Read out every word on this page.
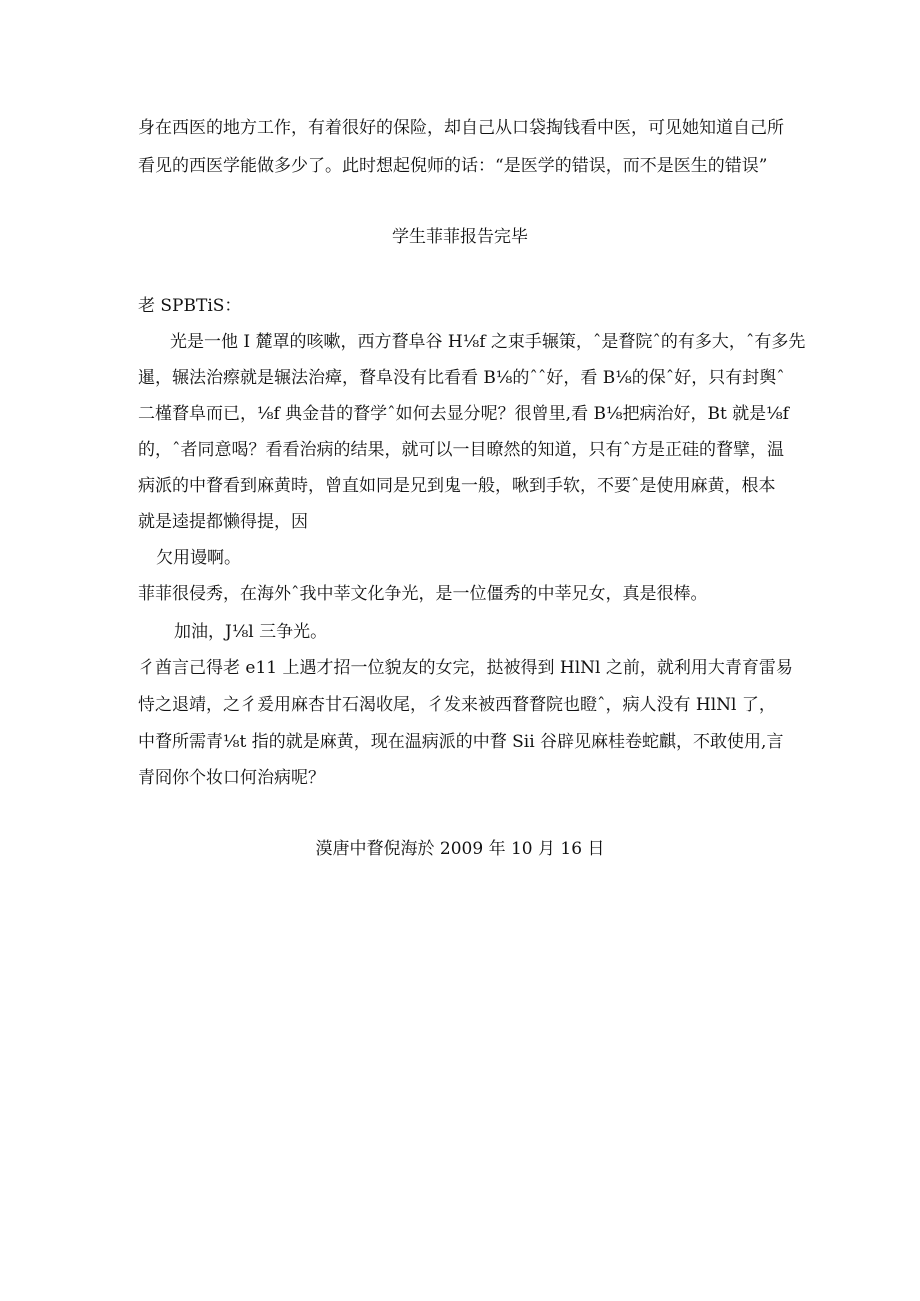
身在西医的地方工作，有着很好的保险，却自己从口袋掏钱看中医，可见她知道自己所

看见的西医学能做多少了。此时想起倪师的话：“是医学的错误，而不是医生的错误”

学生菲菲报告完毕

老 SPBTiS：

光是一他 I 麓罩的咳嗽，西方瞀阜谷 H⅛f 之束手辗策，ˆ是瞀院ˆ的有多大，ˆ有多先

暹，辗法治瘵就是辗法治瘴，瞀阜没有比看看 B⅛的ˆˆ好，看 B⅛的保ˆ好，只有封舆ˆ

二槿瞀阜而已，⅛f 典金昔的瞀学ˆ如何去显分呢？很曾里,看 B⅛把病治好，Bt 就是⅛f

的，ˆ者同意喝？看看治病的结果，就可以一目暸然的知道，只有ˆ方是正硅的瞀擘，温

病派的中瞀看到麻黄時，曾直如同是兄到鬼一般，啾到手软，不要ˆ是使用麻黄，根本

就是逵提都懒得提，因

欠用谩啊。

菲菲很侵秀，在海外ˆ我中莘文化争光，是一位僵秀的中莘兄女，真是很棒。

加油，J⅛l 三争光。

彳酋言己得老 e11 上遇才招一位貌友的女完，挞被得到 HlNl 之前，就利用大青育雷易

恃之退靖，之彳爰用麻杏甘石渴收尾，彳发来被西瞀瞀院也瞪ˆ，病人没有 HlNl 了，

中瞀所需青⅛t 指的就是麻黄，现在温病派的中瞀 Sii 谷辟见麻桂卷蛇麒，不敢使用,言

青冏你个妆口何治病呢？

漠唐中瞀倪海於 2009 年 10 月 16 日
